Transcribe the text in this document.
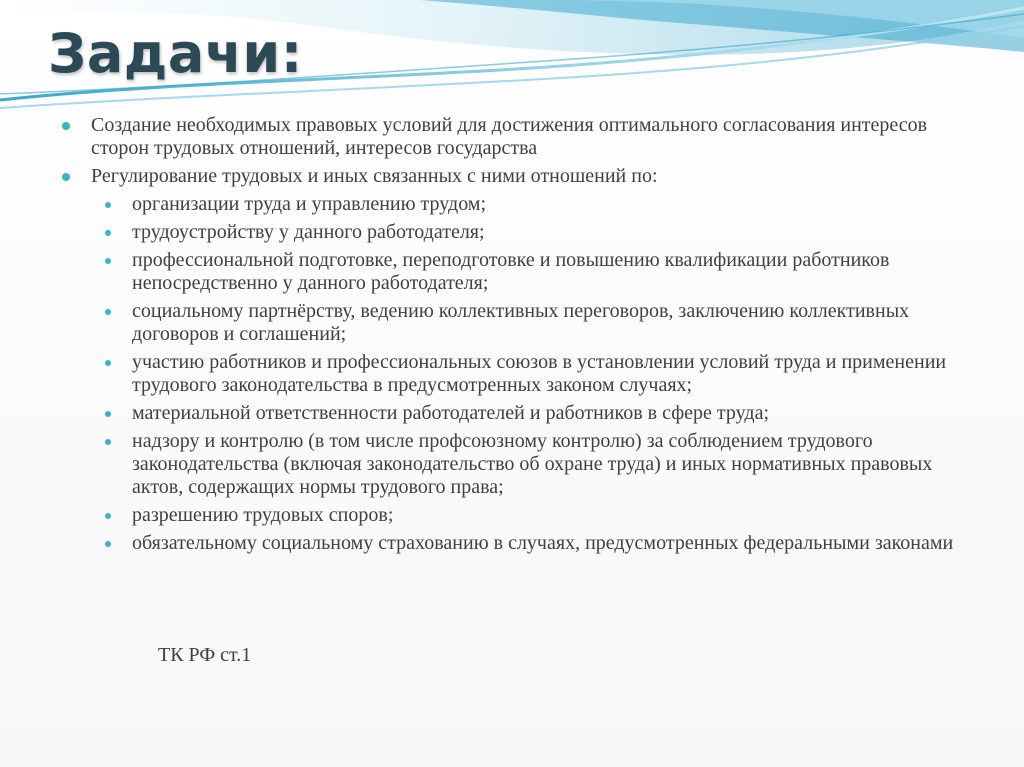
Задачи:
Создание необходимых правовых условий для достижения оптимального согласования интересов сторон трудовых отношений, интересов государства
Регулирование трудовых и иных связанных с ними отношений по:
организации труда и управлению трудом;
трудоустройству у данного работодателя;
профессиональной подготовке, переподготовке и повышению квалификации работников непосредственно у данного работодателя;
социальному партнёрству, ведению коллективных переговоров, заключению коллективных договоров и соглашений;
участию работников и профессиональных союзов в установлении условий труда и применении трудового законодательства в предусмотренных законом случаях;
материальной ответственности работодателей и работников в сфере труда;
надзору и контролю (в том числе профсоюзному контролю) за соблюдением трудового законодательства (включая законодательство об охране труда) и иных нормативных правовых актов, содержащих нормы трудового права;
разрешению трудовых споров;
обязательному социальному страхованию в случаях, предусмотренных федеральными законами
ТК РФ ст.1
